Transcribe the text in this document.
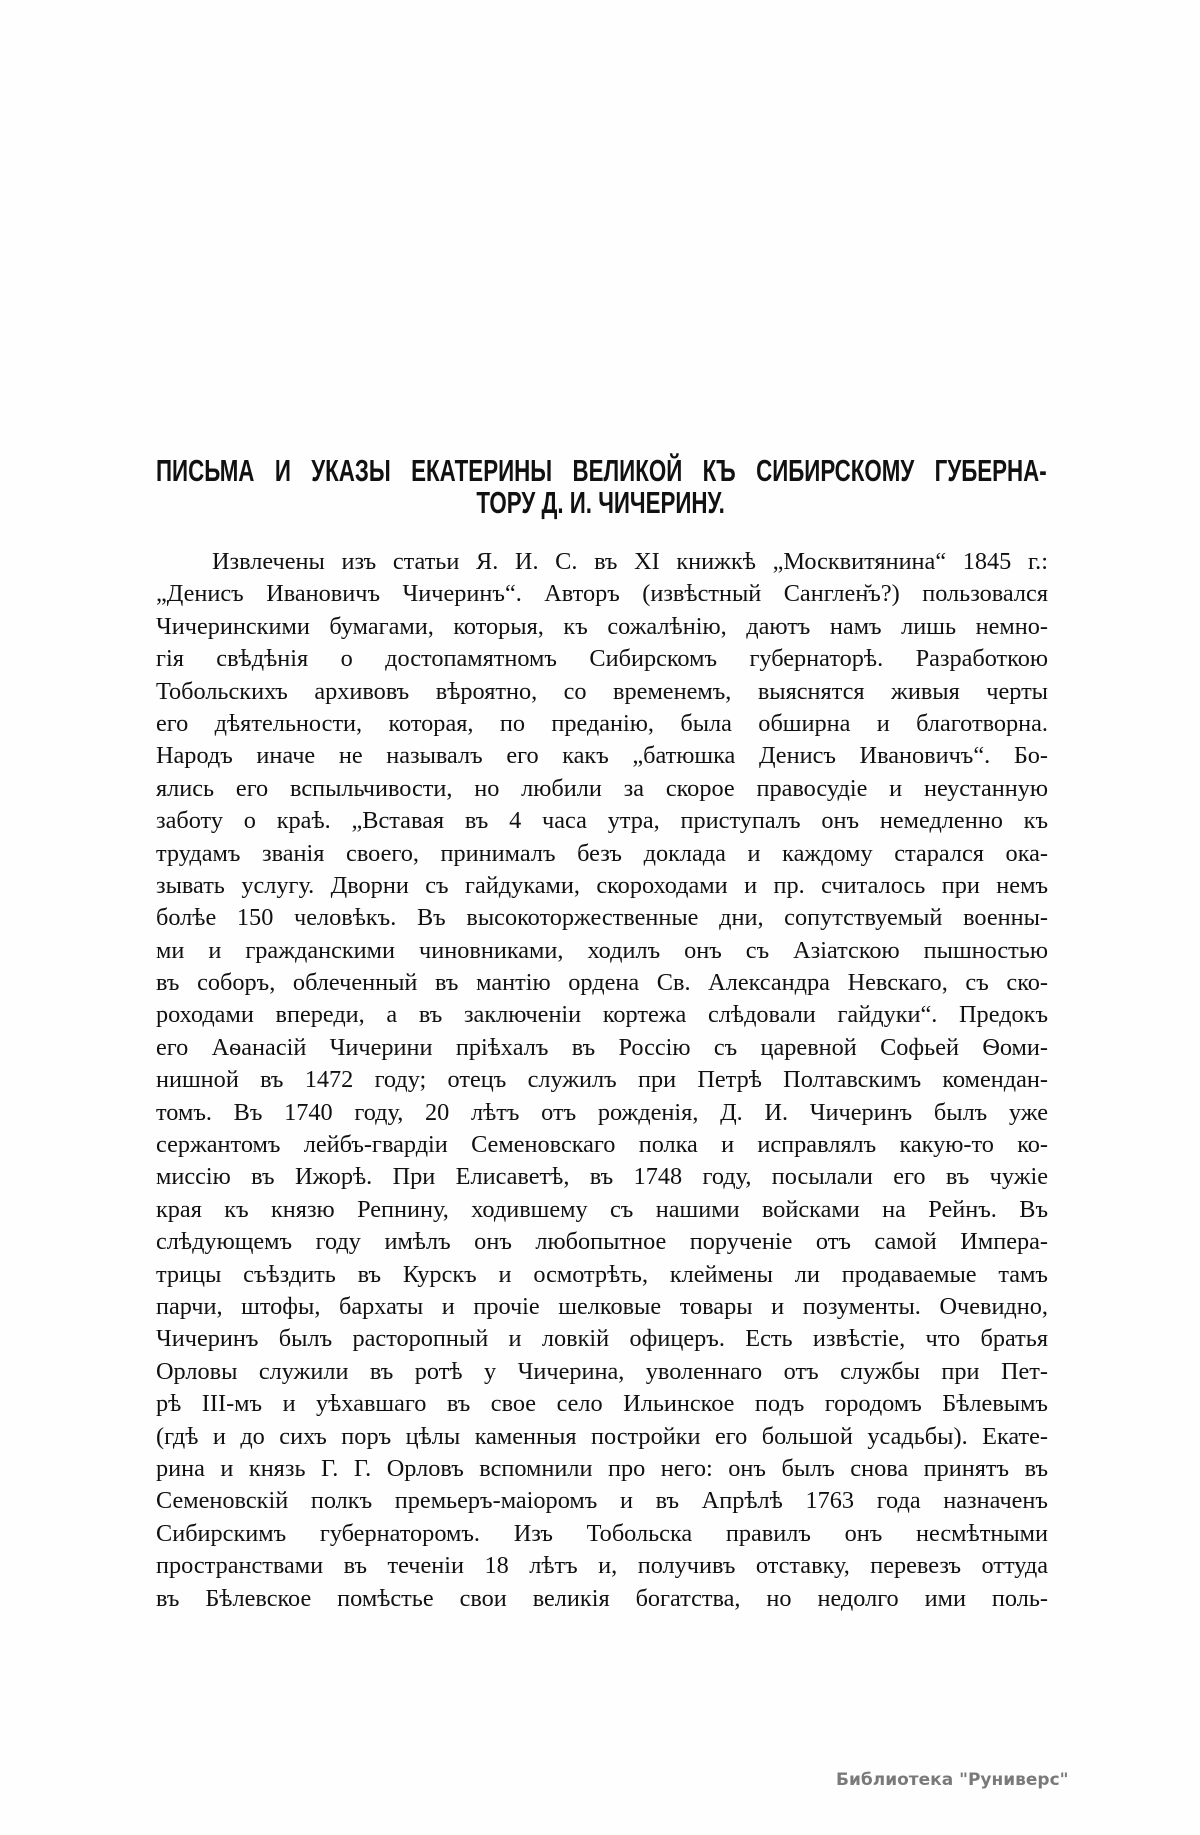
ПИСЬМА И УКАЗЫ ЕКАТЕРИНЫ ВЕЛИКОЙ КЪ СИБИРСКОМУ ГУБЕРНА-
ТОРУ Д. И. ЧИЧЕРИНУ.
Извлечены изъ статьи Я. И. С. въ XI книжкѣ „Москвитянина“ 1845 г.:
„Денисъ Ивановичъ Чичеринъ“. Авторъ (извѣстный Санглен̆ъ?) пользовался
Чичеринскими бумагами, которыя, къ сожалѣнію, даютъ намъ лишь немно-
гія свѣдѣнія о достопамятномъ Сибирскомъ губернаторѣ. Разработкою
Тобольскихъ архивовъ вѣроятно, со временемъ, выяснятся живыя черты
его дѣятельности, которая, по преданію, была обширна и благотворна.
Народъ иначе не называлъ его какъ „батюшка Денисъ Ивановичъ“. Бо-
ялись его вспыльчивости, но любили за скорое правосудіе и неустанную
заботу о краѣ. „Вставая въ 4 часа утра, приступалъ онъ немедленно къ
трудамъ званія своего, принималъ безъ доклада и каждому старался ока-
зывать услугу. Дворни съ гайдуками, скороходами и пр. считалось при немъ
болѣе 150 человѣкъ. Въ высокоторжественные дни, сопутствуемый военны-
ми и гражданскими чиновниками, ходилъ онъ съ Азіатскою пышностью
въ соборъ, облеченный въ мантію ордена Св. Александра Невскаго, съ ско-
роходами впереди, а въ заключеніи кортежа слѣдовали гайдуки“. Предокъ
его Аѳанасій Чичерини пріѣхалъ въ Россію съ царевной Софьей Ѳоми-
нишной въ 1472 году; отецъ служилъ при Петрѣ Полтавскимъ комендан-
томъ. Въ 1740 году, 20 лѣтъ отъ рожденія, Д. И. Чичеринъ былъ уже
сержантомъ лейбъ-гвардіи Семеновскаго полка и исправлялъ какую-то ко-
миссію въ Ижорѣ. При Елисаветѣ, въ 1748 году, посылали его въ чужіе
края къ князю Репнину, ходившему съ нашими войсками на Рейнъ. Въ
слѣдующемъ году имѣлъ онъ любопытное порученіе отъ самой Импера-
трицы съѣздить въ Курскъ и осмотрѣть, клеймены ли продаваемые тамъ
парчи, штофы, бархаты и прочіе шелковые товары и позументы. Очевидно,
Чичеринъ былъ расторопный и ловкій офицеръ. Есть извѣстіе, что братья
Орловы служили въ ротѣ у Чичерина, уволеннаго отъ службы при Пет-
рѣ III-мъ и уѣхавшаго въ свое село Ильинское подъ городомъ Бѣлевымъ
(гдѣ и до сихъ поръ цѣлы каменныя постройки его большой усадьбы). Екате-
рина и князь Г. Г. Орловъ вспомнили про него: онъ былъ снова принятъ въ
Семеновскій полкъ премьеръ-маіоромъ и въ Апрѣлѣ 1763 года назначенъ
Сибирскимъ губернаторомъ. Изъ Тобольска правилъ онъ несмѣтными
пространствами въ теченіи 18 лѣтъ и, получивъ отставку, перевезъ оттуда
въ Бѣлевское помѣстье свои великія богатства, но недолго ими поль-
Библиотека "Руниверс"
